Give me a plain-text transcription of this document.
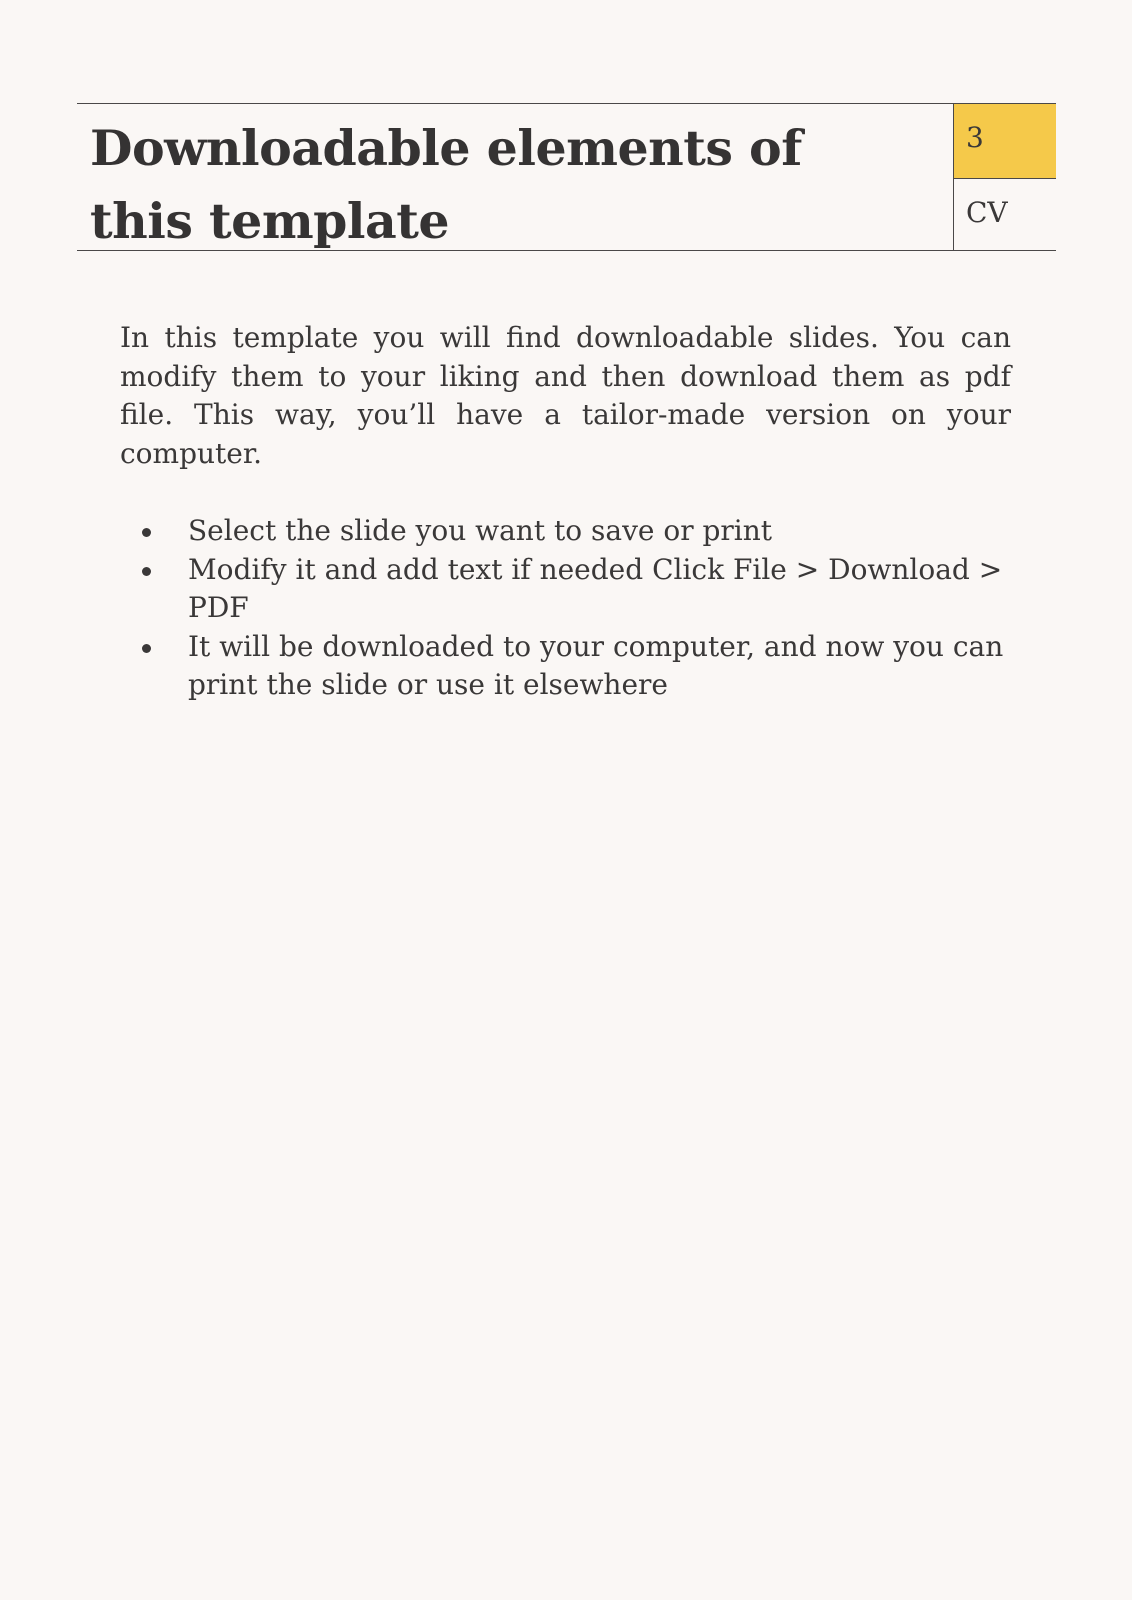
Downloadable elements of this template
3
CV

In this template you will find downloadable slides. You can modify them to your liking and then download them as pdf file. This way, you’ll have a tailor-made version on your computer.

Select the slide you want to save or print
Modify it and add text if needed Click File > Download > PDF
It will be downloaded to your computer, and now you can print the slide or use it elsewhere
